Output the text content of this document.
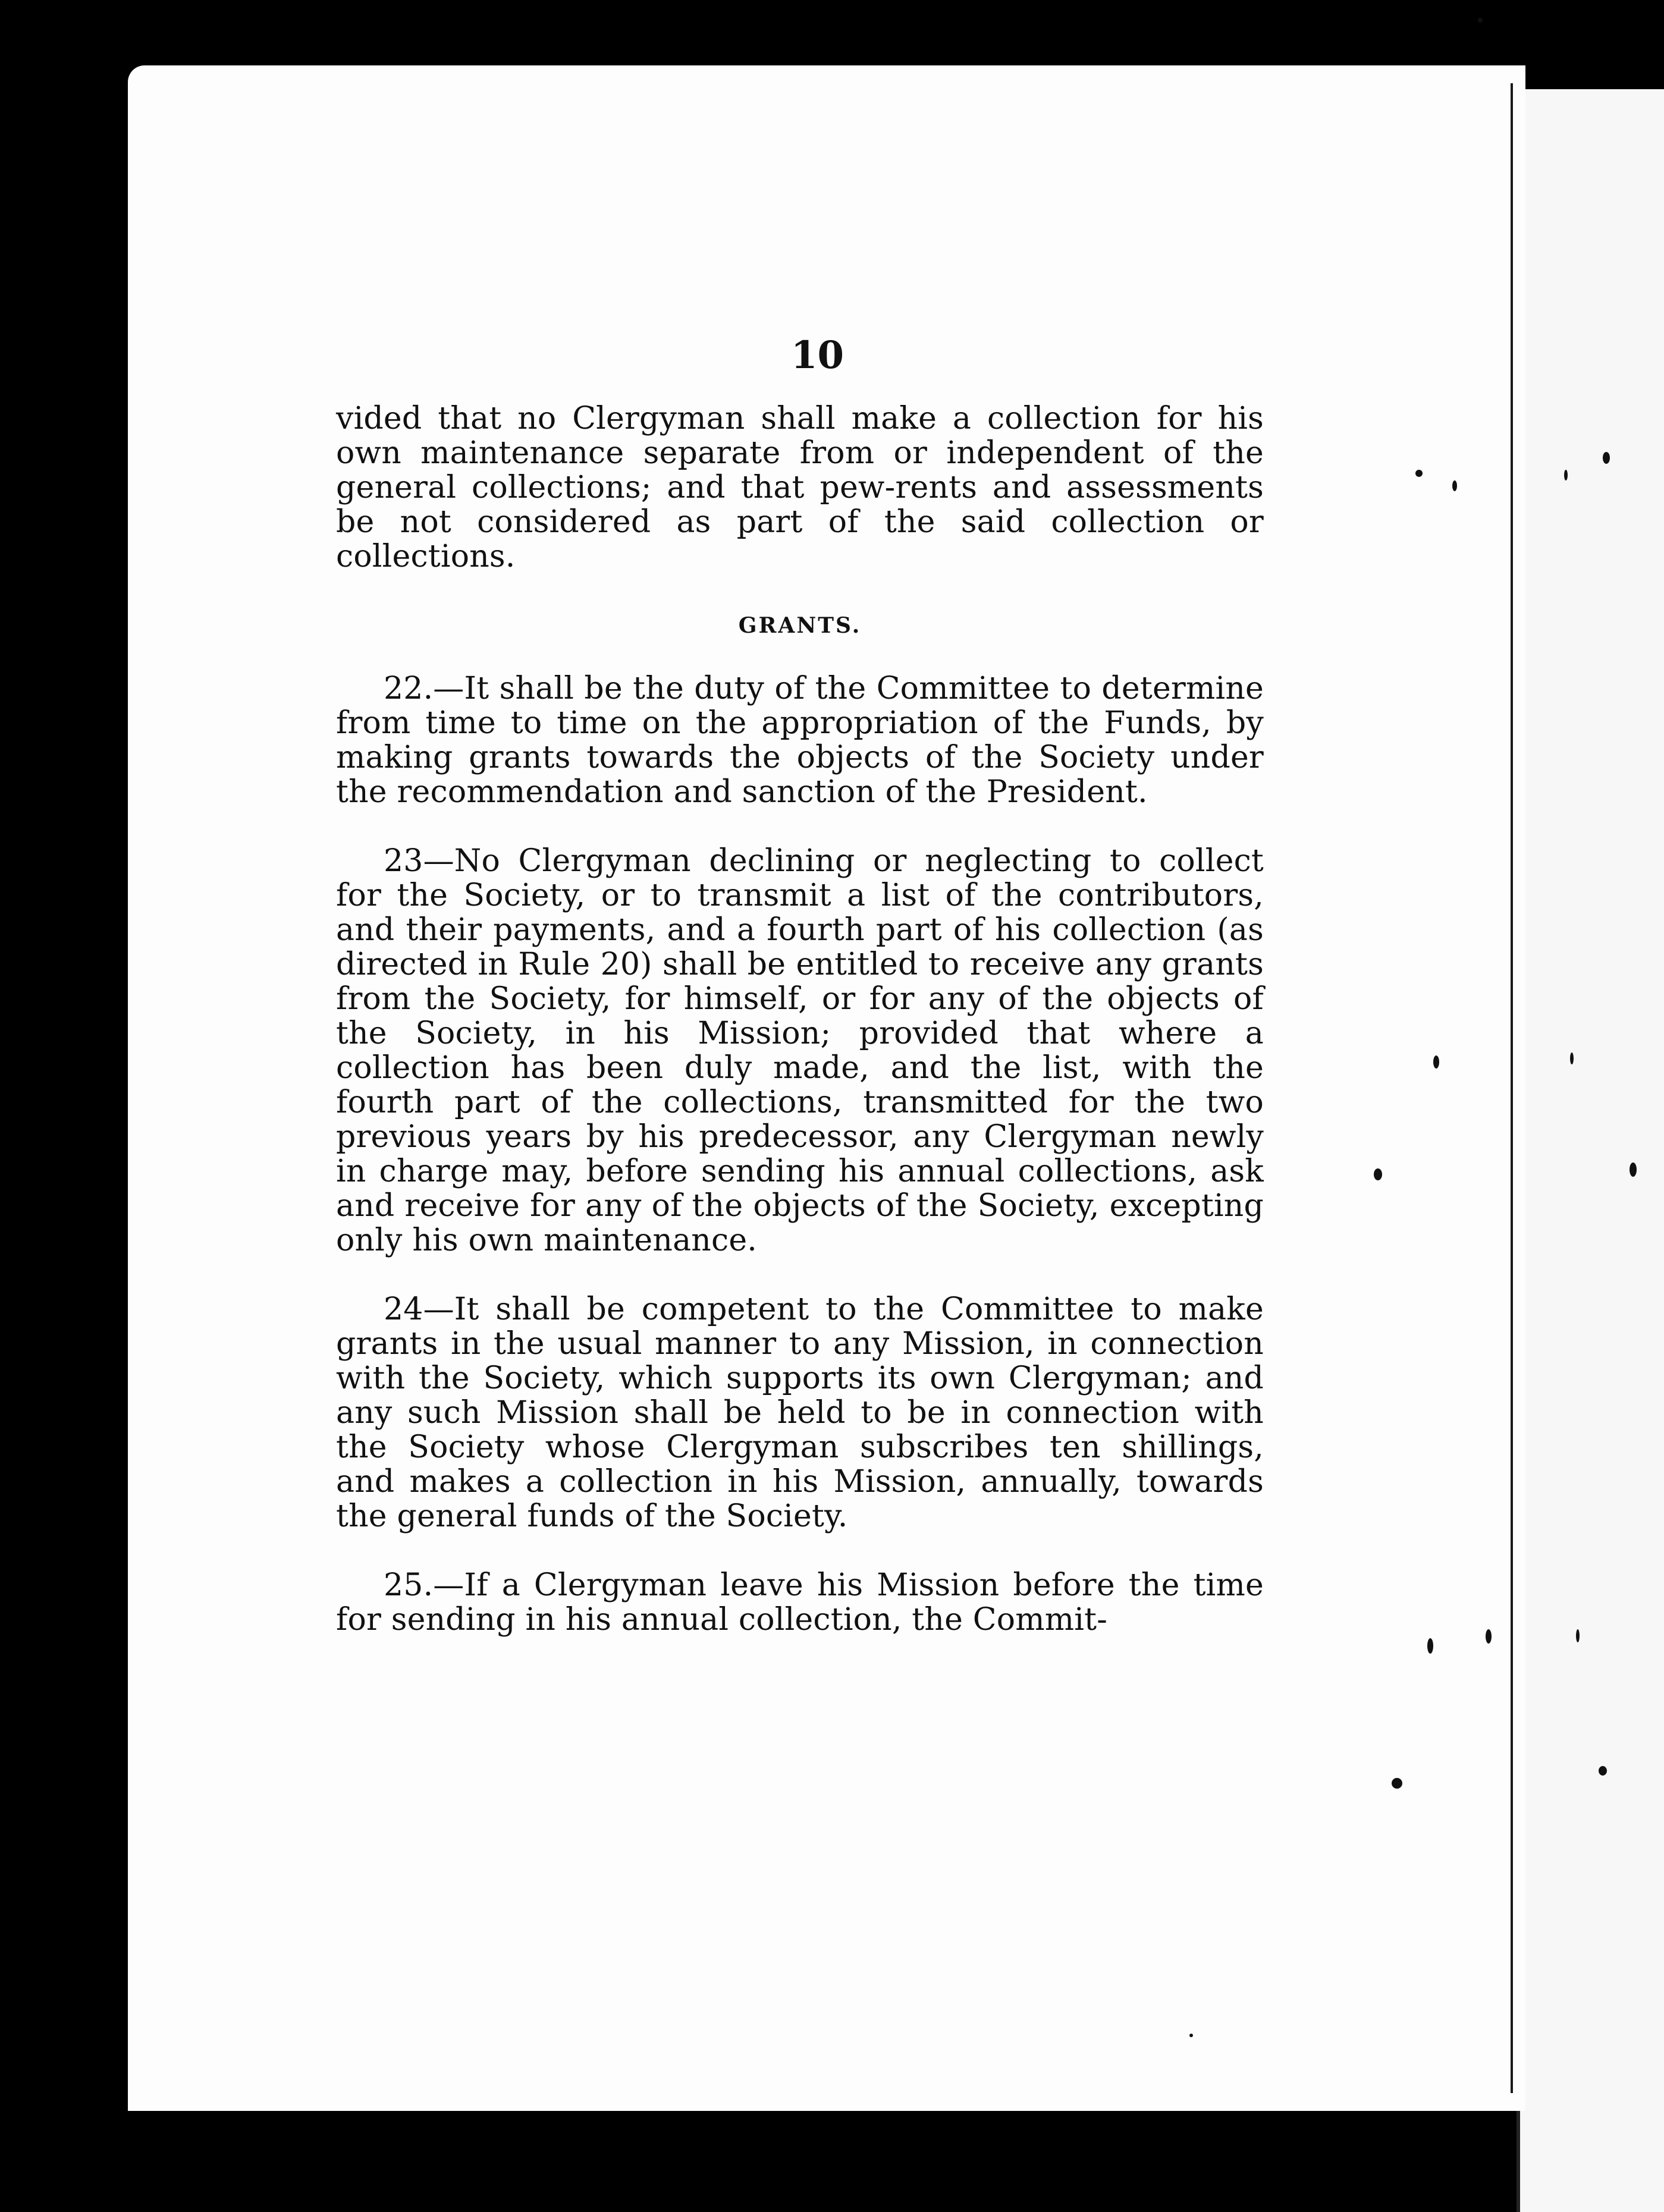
10

vided that no Clergyman shall make a collection for his own maintenance separate from or independent of the general collections; and that pew-rents and assessments be not considered as part of the said collection or collections.

GRANTS.

22.—It shall be the duty of the Committee to determine from time to time on the appropriation of the Funds, by making grants towards the objects of the Society under the recommendation and sanction of the President.

23—No Clergyman declining or neglecting to collect for the Society, or to transmit a list of the contributors, and their payments, and a fourth part of his collection (as directed in Rule 20) shall be entitled to receive any grants from the Society, for himself, or for any of the objects of the Society, in his Mission; provided that where a collection has been duly made, and the list, with the fourth part of the collections, transmitted for the two previous years by his predecessor, any Clergyman newly in charge may, before sending his annual collections, ask and receive for any of the objects of the Society, excepting only his own maintenance.

24—It shall be competent to the Committee to make grants in the usual manner to any Mission, in connection with the Society, which supports its own Clergyman; and any such Mission shall be held to be in connection with the Society whose Clergyman subscribes ten shillings, and makes a collection in his Mission, annually, towards the general funds of the Society.

25.—If a Clergyman leave his Mission before the time for sending in his annual collection, the Commit-
